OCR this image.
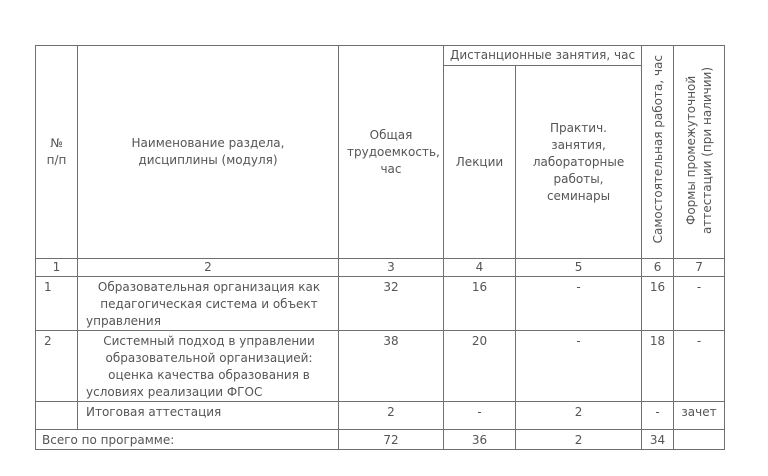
№
п/п	Наименование раздела, дисциплины (модуля)	Общая трудоемкость, час	Дистанционные занятия, час		Самостоятельная работа, час	Формы промежуточной аттестации (при наличии)
			Лекции	Практич. занятия, лабораторные работы, семинары		
1	2	3	4	5	6	7
1	Образовательная организация как педагогическая система и объект управления	32	16	-	16	-
2	Системный подход в управлении образовательной организацией: оценка качества образования в условиях реализации ФГОС	38	20	-	18	-
	Итоговая аттестация	2	-	2	-	зачет
Всего по программе:		72	36	2	34	
